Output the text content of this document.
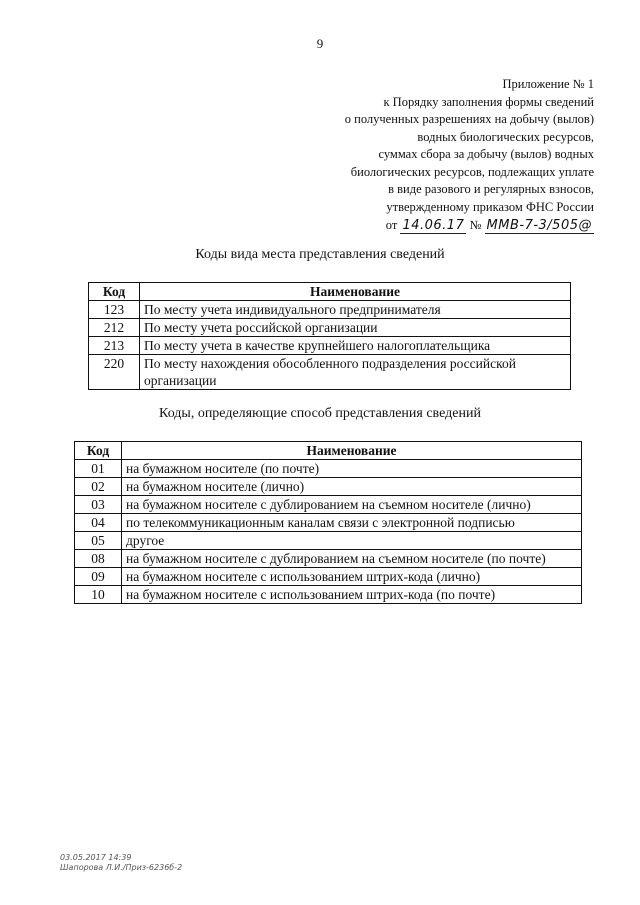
9
Приложение № 1
к Порядку заполнения формы сведений
о полученных разрешениях на добычу (вылов)
водных биологических ресурсов,
суммах сбора за добычу (вылов) водных
биологических ресурсов, подлежащих уплате
в виде разового и регулярных взносов,
утвержденному приказом ФНС России
от 14.06.17 № ММВ-7-3/505@
Коды вида места представления сведений
Код	Наименование
123	По месту учета индивидуального предпринимателя
212	По месту учета российской организации
213	По месту учета в качестве крупнейшего налогоплательщика
220	По месту нахождения обособленного подразделения российской организации
Коды, определяющие способ представления сведений
Код	Наименование
01	на бумажном носителе (по почте)
02	на бумажном носителе (лично)
03	на бумажном носителе с дублированием на съемном носителе (лично)
04	по телекоммуникационным каналам связи с электронной подписью
05	другое
08	на бумажном носителе с дублированием на съемном носителе (по почте)
09	на бумажном носителе с использованием штрих-кода (лично)
10	на бумажном носителе с использованием штрих-кода (по почте)
03.05.2017 14:39
Шапорова Л.И./Приз-6236б-2
